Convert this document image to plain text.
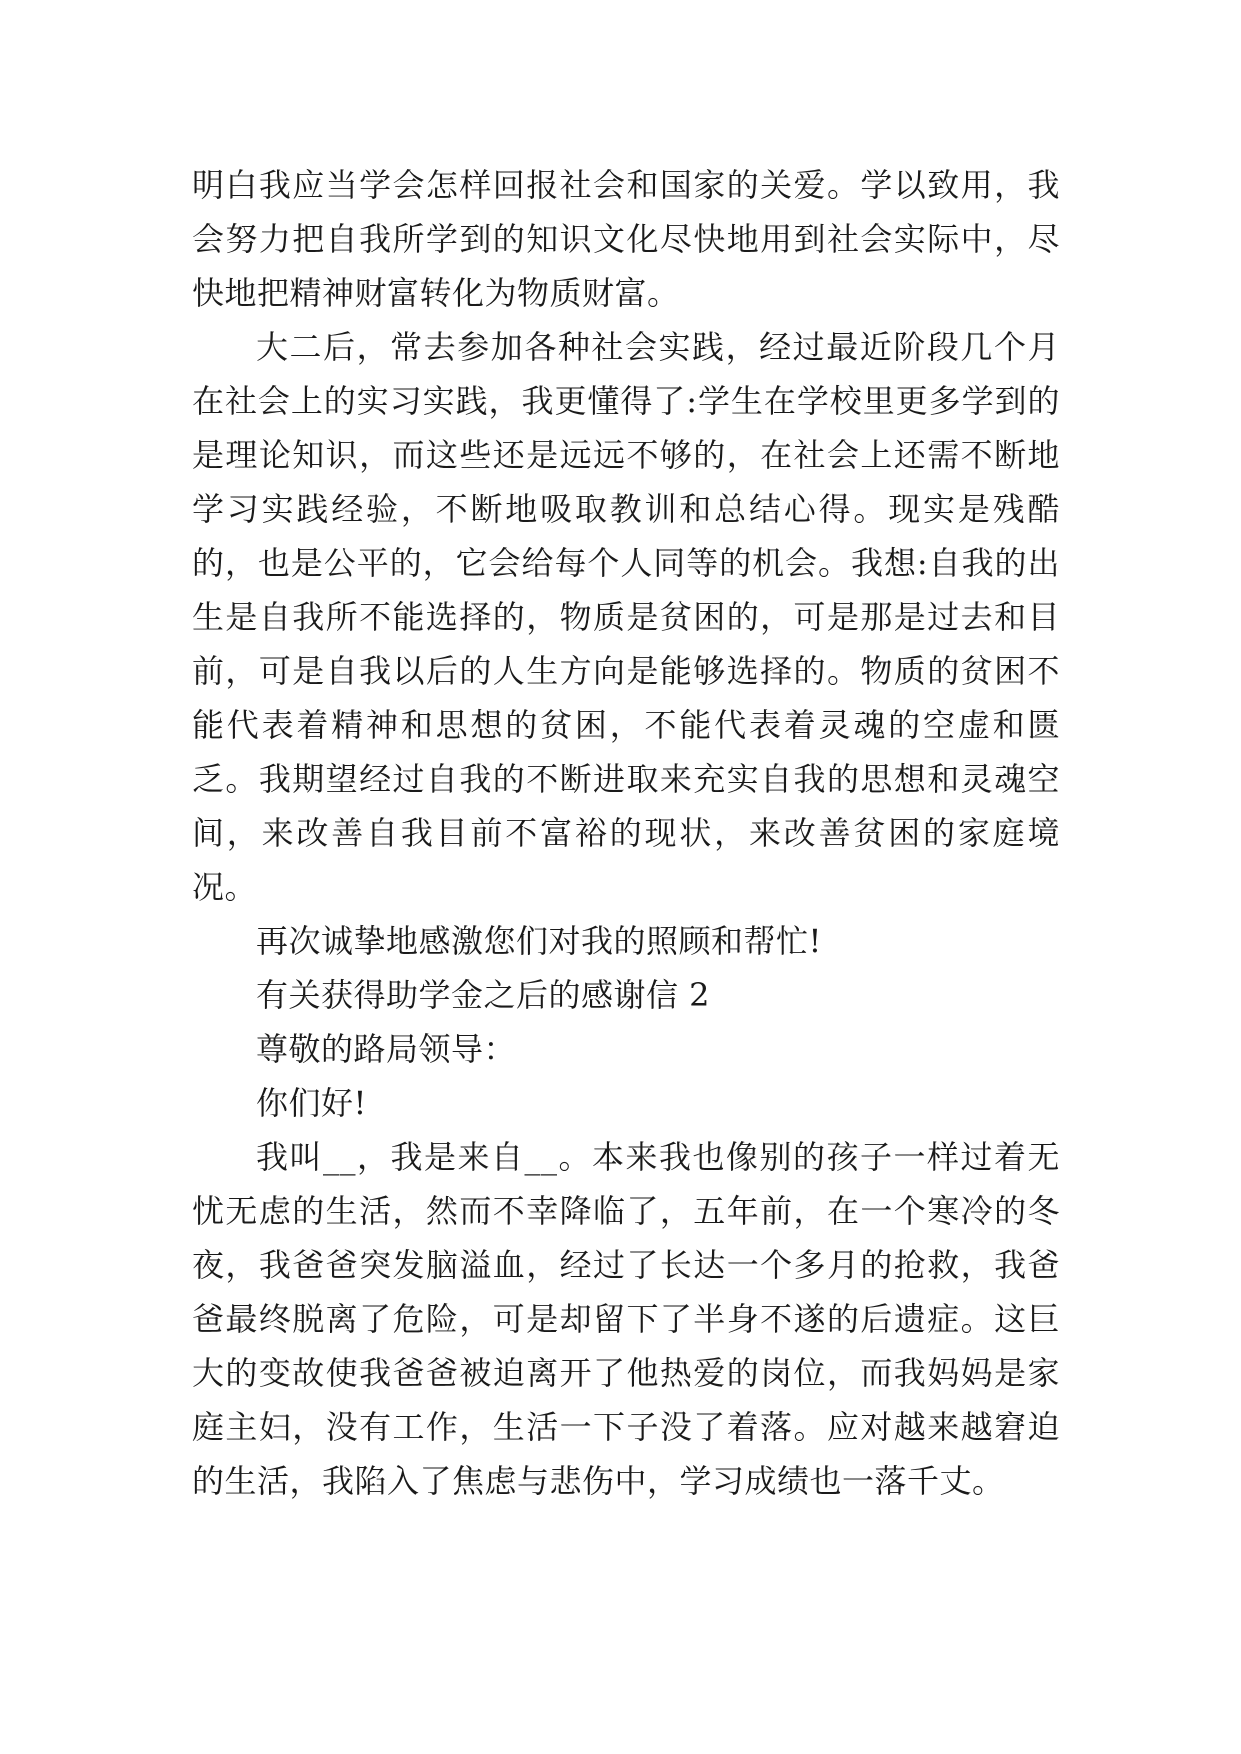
明白我应当学会怎样回报社会和国家的关爱。学以致用，我会努力把自我所学到的知识文化尽快地用到社会实际中，尽快地把精神财富转化为物质财富。

大二后，常去参加各种社会实践，经过最近阶段几个月在社会上的实习实践，我更懂得了:学生在学校里更多学到的是理论知识，而这些还是远远不够的，在社会上还需不断地学习实践经验，不断地吸取教训和总结心得。现实是残酷的，也是公平的，它会给每个人同等的机会。我想:自我的出生是自我所不能选择的，物质是贫困的，可是那是过去和目前，可是自我以后的人生方向是能够选择的。物质的贫困不能代表着精神和思想的贫困，不能代表着灵魂的空虚和匮乏。我期望经过自我的不断进取来充实自我的思想和灵魂空间，来改善自我目前不富裕的现状，来改善贫困的家庭境况。

再次诚挚地感激您们对我的照顾和帮忙!

有关获得助学金之后的感谢信 2

尊敬的路局领导：

你们好!

我叫__，我是来自__。本来我也像别的孩子一样过着无忧无虑的生活，然而不幸降临了，五年前，在一个寒冷的冬夜，我爸爸突发脑溢血，经过了长达一个多月的抢救，我爸爸最终脱离了危险，可是却留下了半身不遂的后遗症。这巨大的变故使我爸爸被迫离开了他热爱的岗位，而我妈妈是家庭主妇，没有工作，生活一下子没了着落。应对越来越窘迫的生活，我陷入了焦虑与悲伤中，学习成绩也一落千丈。
